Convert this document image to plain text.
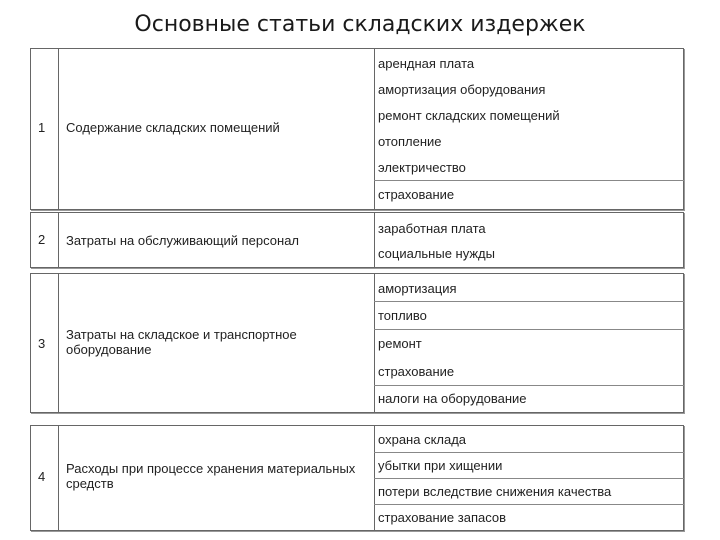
Основные статьи складских издержек
1 Содержание складских помещений
арендная плата
амортизация оборудования
ремонт складских помещений
отопление
электричество
страхование
2 Затраты на обслуживающий персонал
заработная плата
социальные нужды
3
Затраты на складское и транспортное оборудование
амортизация
топливо
ремонт
страхование
налоги на оборудование
4
Расходы при процессе хранения материальных средств
охрана склада
убытки при хищении
потери вследствие снижения качества
страхование запасов
